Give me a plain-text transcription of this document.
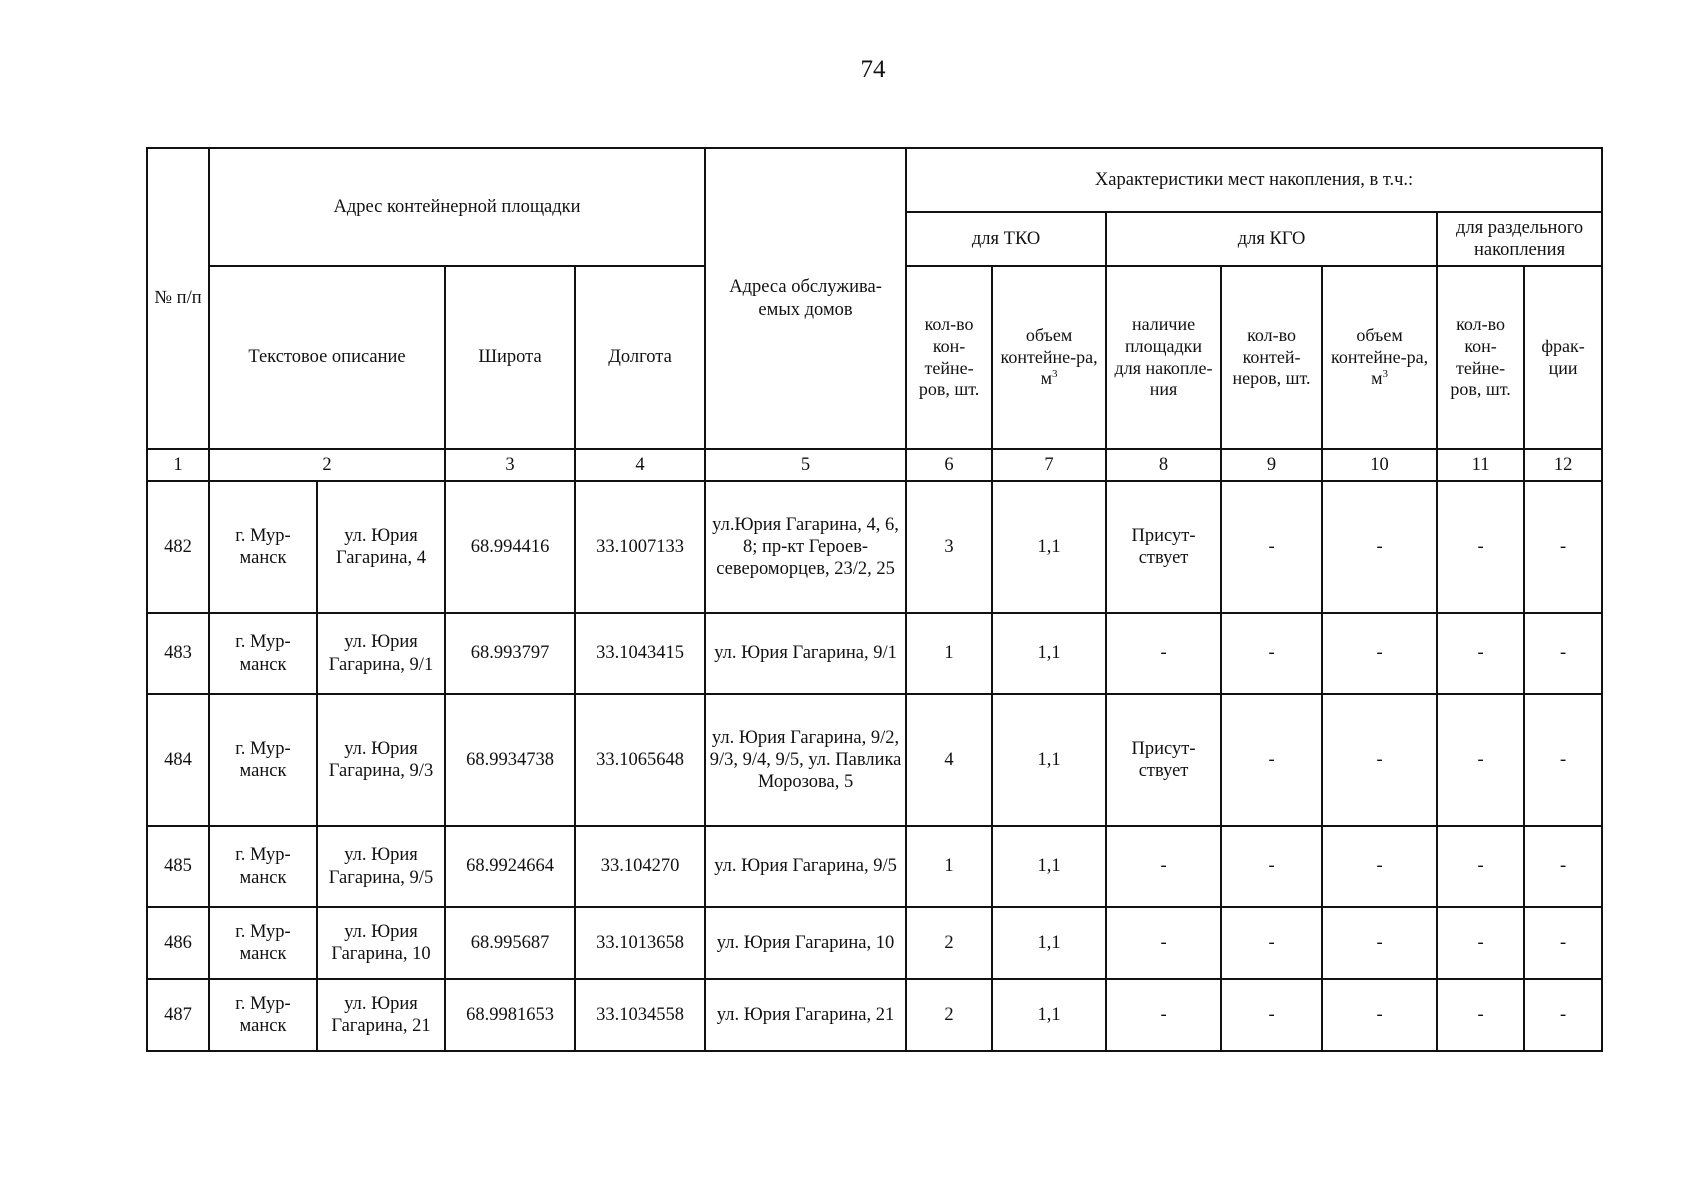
74
№ п/п	Адрес контейнерной площадки				Адреса обслужива-емых домов	Характеристики мест накопления, в т.ч.:						
						для ТКО		для КГО			для раздельного накопления	
	Текстовое описание		Широта	Долгота		кол-во кон-тейне-ров, шт.	объем контейне-ра, $м^3$	наличие площадки для накопле-ния	кол-во контей-неров, шт.	объем контейне-ра, $м^3$	кол-во кон-тейне-ров, шт.	фрак-ции
1	2		3	4	5	6	7	8	9	10	11	12
482	г. Мур-манск	ул. Юрия Гагарина, 4	68.994416	33.1007133	ул.Юрия Гагарина, 4, 6, 8; пр-кт Героев-североморцев, 23/2, 25	3	1,1	Присут-ствует	-	-	-	-
483	г. Мур-манск	ул. Юрия Гагарина, 9/1	68.993797	33.1043415	ул. Юрия Гагарина, 9/1	1	1,1	-	-	-	-	-
484	г. Мур-манск	ул. Юрия Гагарина, 9/3	68.9934738	33.1065648	ул. Юрия Гагарина, 9/2, 9/3, 9/4, 9/5, ул. Павлика Морозова, 5	4	1,1	Присут-ствует	-	-	-	-
485	г. Мур-манск	ул. Юрия Гагарина, 9/5	68.9924664	33.104270	ул. Юрия Гагарина, 9/5	1	1,1	-	-	-	-	-
486	г. Мур-манск	ул. Юрия Гагарина, 10	68.995687	33.1013658	ул. Юрия Гагарина, 10	2	1,1	-	-	-	-	-
487	г. Мур-манск	ул. Юрия Гагарина, 21	68.9981653	33.1034558	ул. Юрия Гагарина, 21	2	1,1	-	-	-	-	-
